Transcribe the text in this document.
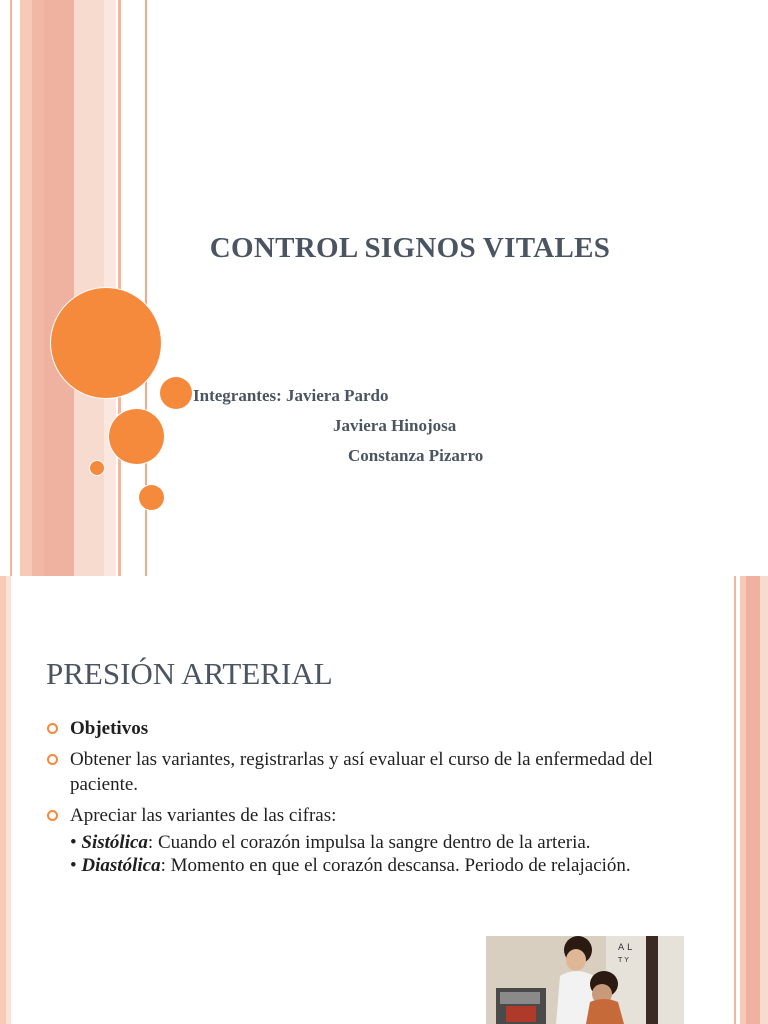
CONTROL SIGNOS VITALES
Integrantes: Javiera Pardo
Javiera Hinojosa
Constanza Pizarro
PRESIÓN ARTERIAL
Objetivos
Obtener las variantes, registrarlas y así evaluar el curso de la enfermedad del paciente.
Apreciar las variantes de las cifras:
• Sistólica: Cuando el corazón impulsa la sangre dentro de la arteria.
• Diastólica: Momento en que el corazón descansa. Periodo de relajación.
A L
T Y
